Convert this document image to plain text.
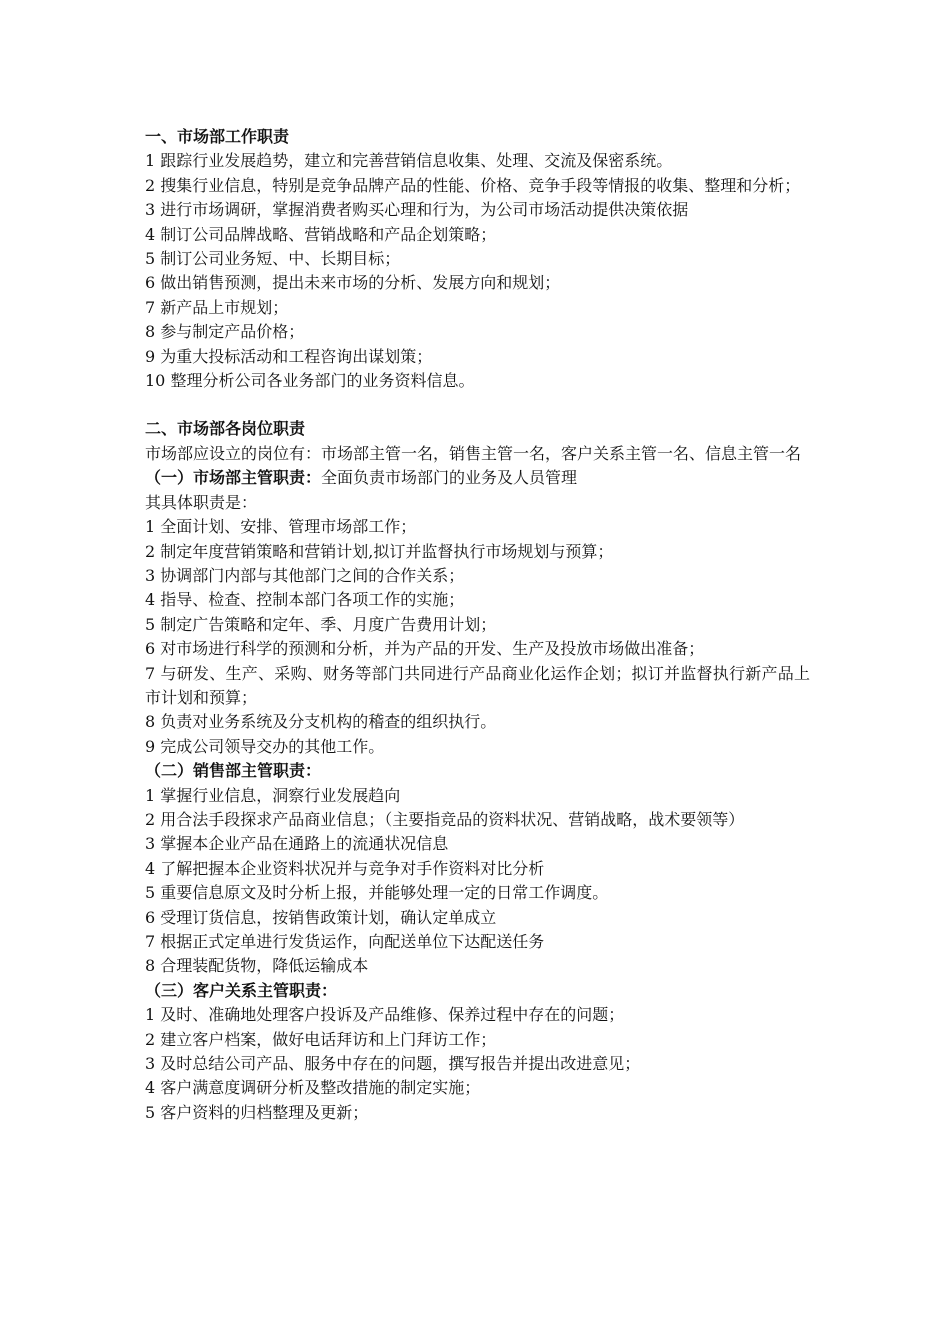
一、市场部工作职责
1 跟踪行业发展趋势，建立和完善营销信息收集、处理、交流及保密系统。
2 搜集行业信息，特别是竞争品牌产品的性能、价格、竞争手段等情报的收集、整理和分析；
3 进行市场调研，掌握消费者购买心理和行为，为公司市场活动提供决策依据
4 制订公司品牌战略、营销战略和产品企划策略；
5 制订公司业务短、中、长期目标；
6 做出销售预测，提出未来市场的分析、发展方向和规划；
7 新产品上市规划；
8 参与制定产品价格；
9 为重大投标活动和工程咨询出谋划策；
10 整理分析公司各业务部门的业务资料信息。
二、市场部各岗位职责
市场部应设立的岗位有：市场部主管一名，销售主管一名，客户关系主管一名、信息主管一名
（一）市场部主管职责：全面负责市场部门的业务及人员管理
其具体职责是：
1 全面计划、安排、管理市场部工作；
2 制定年度营销策略和营销计划,拟订并监督执行市场规划与预算；
3 协调部门内部与其他部门之间的合作关系；
4 指导、检查、控制本部门各项工作的实施；
5 制定广告策略和定年、季、月度广告费用计划；
6 对市场进行科学的预测和分析，并为产品的开发、生产及投放市场做出准备；
7 与研发、生产、采购、财务等部门共同进行产品商业化运作企划；拟订并监督执行新产品上市计划和预算；
8 负责对业务系统及分支机构的稽查的组织执行。
9 完成公司领导交办的其他工作。
（二）销售部主管职责：
1 掌握行业信息，洞察行业发展趋向
2 用合法手段探求产品商业信息；（主要指竞品的资料状况、营销战略，战术要领等）
3 掌握本企业产品在通路上的流通状况信息
4 了解把握本企业资料状况并与竞争对手作资料对比分析
5 重要信息原文及时分析上报，并能够处理一定的日常工作调度。
6 受理订货信息，按销售政策计划，确认定单成立
7 根据正式定单进行发货运作，向配送单位下达配送任务
8 合理装配货物，降低运输成本
（三）客户关系主管职责：
1 及时、准确地处理客户投诉及产品维修、保养过程中存在的问题；
2 建立客户档案，做好电话拜访和上门拜访工作；
3 及时总结公司产品、服务中存在的问题，撰写报告并提出改进意见；
4 客户满意度调研分析及整改措施的制定实施；
5 客户资料的归档整理及更新；
